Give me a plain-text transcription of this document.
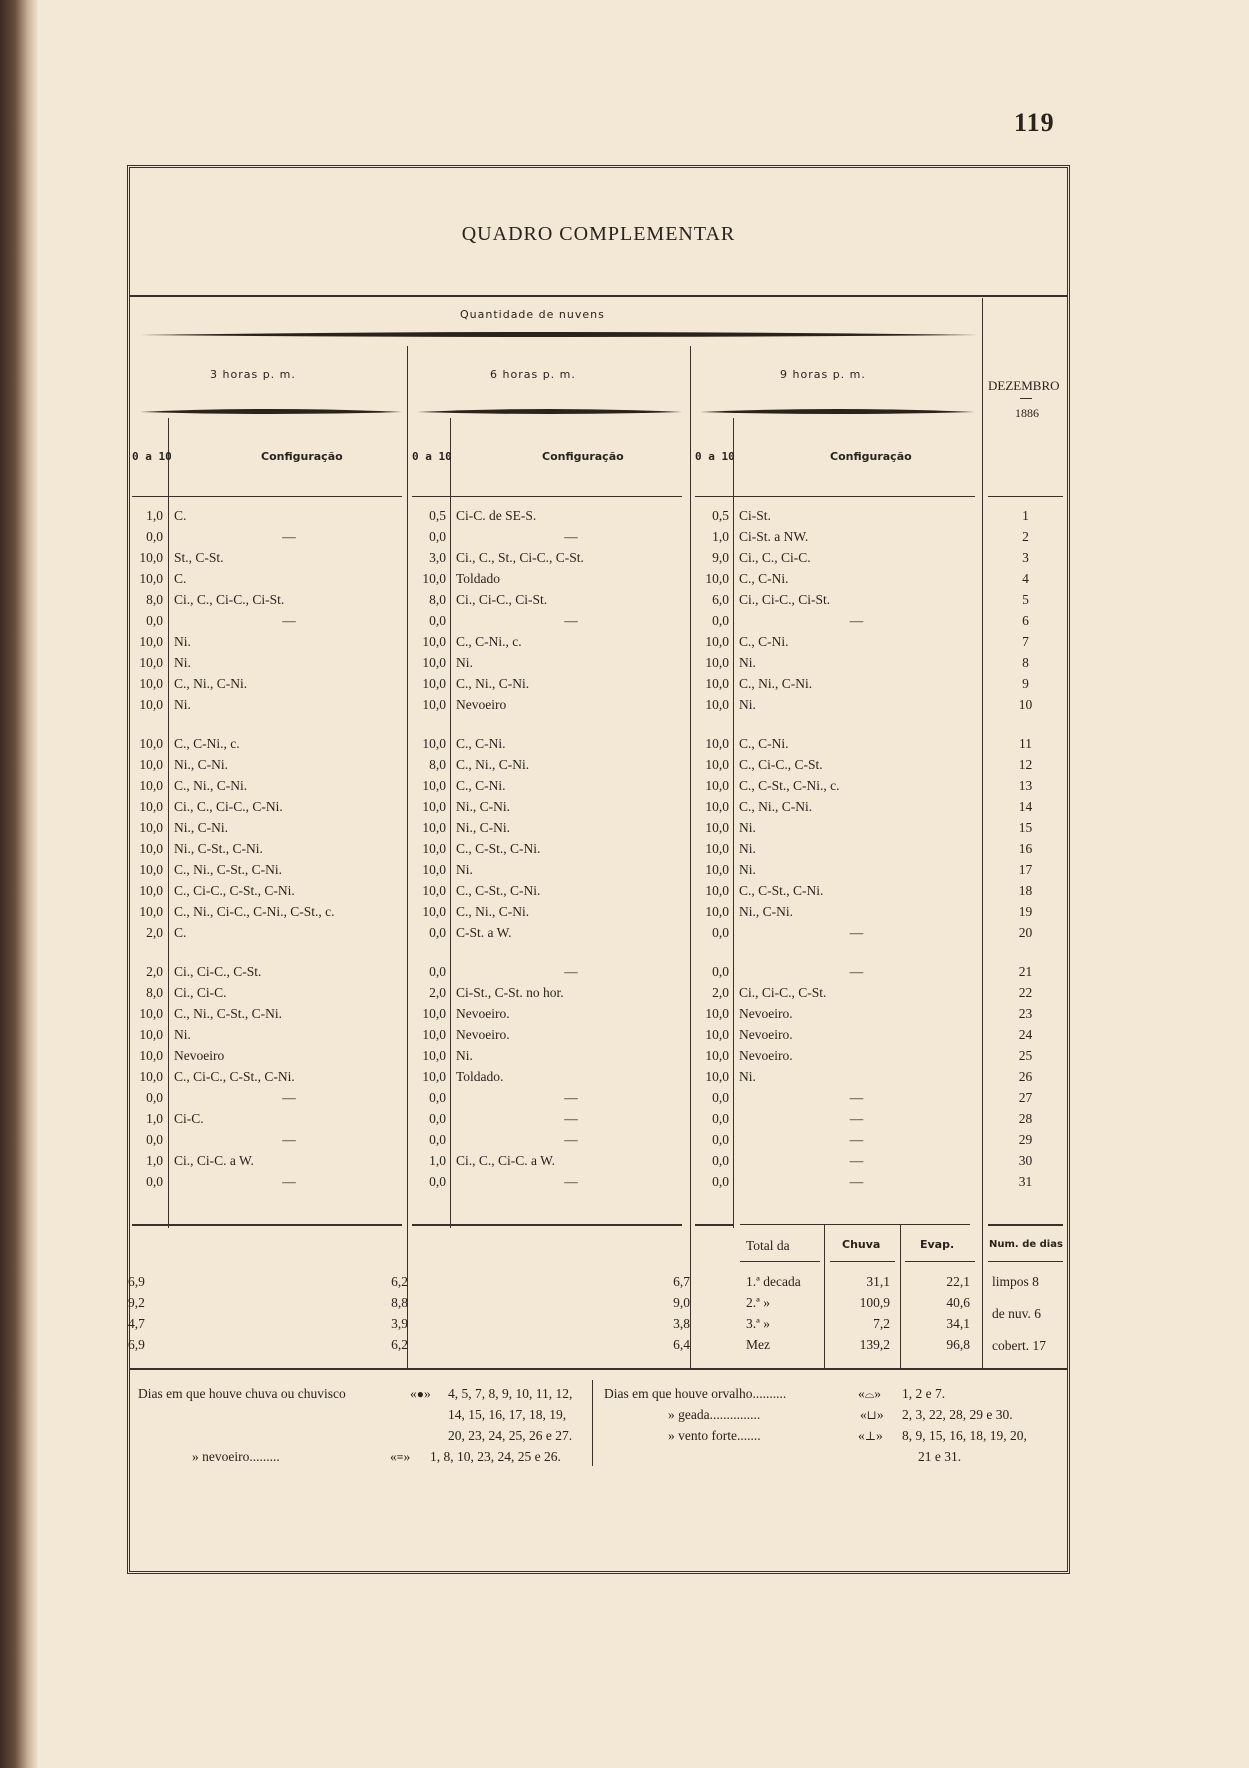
119
QUADRO COMPLEMENTAR
Quantidade de nuvens
3 horas p. m.	6 horas p. m.	9 horas p. m.
DEZEMBRO
1886
0 a 10	Configuração	0 a 10	Configuração	0 a 10	Configuração
1,0 C.	0,5 Ci-C. de SE-S.	0,5 Ci-St.	1
0,0	—	0,0	—	1,0 Ci-St. a NW.	2
10,0 St., C-St.	3,0 Ci., C., St., Ci-C., C-St.	9,0 Ci., C., Ci-C.	3
10,0 C.	10,0 Toldado	10,0 C., C-Ni.	4
8,0 Ci., C., Ci-C., Ci-St.	8,0 Ci., Ci-C., Ci-St.	6,0 Ci., Ci-C., Ci-St.	5
0,0	—	0,0	—	0,0	—	6
10,0 Ni.	10,0 C., C-Ni., c.	10,0 C., C-Ni.	7
10,0 Ni.	10,0 Ni.	10,0 Ni.	8
10,0 C., Ni., C-Ni.	10,0 C., Ni., C-Ni.	10,0 C., Ni., C-Ni.	9
10,0 Ni.	10,0 Nevoeiro	10,0 Ni.	10
10,0 C., C-Ni., c.	10,0 C., C-Ni.	10,0 C., C-Ni.	11
10,0 Ni., C-Ni.	8,0 C., Ni., C-Ni.	10,0 C., Ci-C., C-St.	12
10,0 C., Ni., C-Ni.	10,0 C., C-Ni.	10,0 C., C-St., C-Ni., c.	13
10,0 Ci., C., Ci-C., C-Ni.	10,0 Ni., C-Ni.	10,0 C., Ni., C-Ni.	14
10,0 Ni., C-Ni.	10,0 Ni., C-Ni.	10,0 Ni.	15
10,0 Ni., C-St., C-Ni.	10,0 C., C-St., C-Ni.	10,0 Ni.	16
10,0 C., Ni., C-St., C-Ni.	10,0 Ni.	10,0 Ni.	17
10,0 C., Ci-C., C-St., C-Ni.	10,0 C., C-St., C-Ni.	10,0 C., C-St., C-Ni.	18
10,0 C., Ni., Ci-C., C-Ni., C-St., c.	10,0 C., Ni., C-Ni.	10,0 Ni., C-Ni.	19
2,0 C.	0,0 C-St. a W.	0,0	—	20
2,0 Ci., Ci-C., C-St.	0,0	—	0,0	—	21
8,0 Ci., Ci-C.	2,0 Ci-St., C-St. no hor.	2,0 Ci., Ci-C., C-St.	22
10,0 C., Ni., C-St., C-Ni.	10,0 Nevoeiro.	10,0 Nevoeiro.	23
10,0 Ni.	10,0 Nevoeiro.	10,0 Nevoeiro.	24
10,0 Nevoeiro	10,0 Ni.	10,0 Nevoeiro.	25
10,0 C., Ci-C., C-St., C-Ni.	10,0 Toldado.	10,0 Ni.	26
0,0	—	0,0	—	0,0	—	27
1,0 Ci-C.	0,0	—	0,0	—	28
0,0	—	0,0	—	0,0	—	29
1,0 Ci., Ci-C. a W.	1,0 Ci., C., Ci-C. a W.	0,0	—	30
0,0	—	0,0	—	0,0	—	31
Total da	Chuva	Evap.	Num. de dias
6,9	6,2	6,7	1.ª decada	31,1	22,1
9,2	8,8	9,0	2.ª »	100,9	40,6
4,7	3,9	3,8	3.ª »	7,2	34,1
6,9	6,2	6,4	Mez	139,2	96,8
limpos 8
de nuv. 6
cobert. 17
Dias em que houve chuva ou chuvisco	«●» 4, 5, 7, 8, 9, 10, 11, 12,
14, 15, 16, 17, 18, 19,
20, 23, 24, 25, 26 e 27.
» nevoeiro.........	«≡» 1, 8, 10, 23, 24, 25 e 26.
Dias em que houve orvalho..........	«⌓» 1, 2 e 7.
» geada...............	«⊔» 2, 3, 22, 28, 29 e 30.
» vento forte.......	«⊥» 8, 9, 15, 16, 18, 19, 20,
21 e 31.
